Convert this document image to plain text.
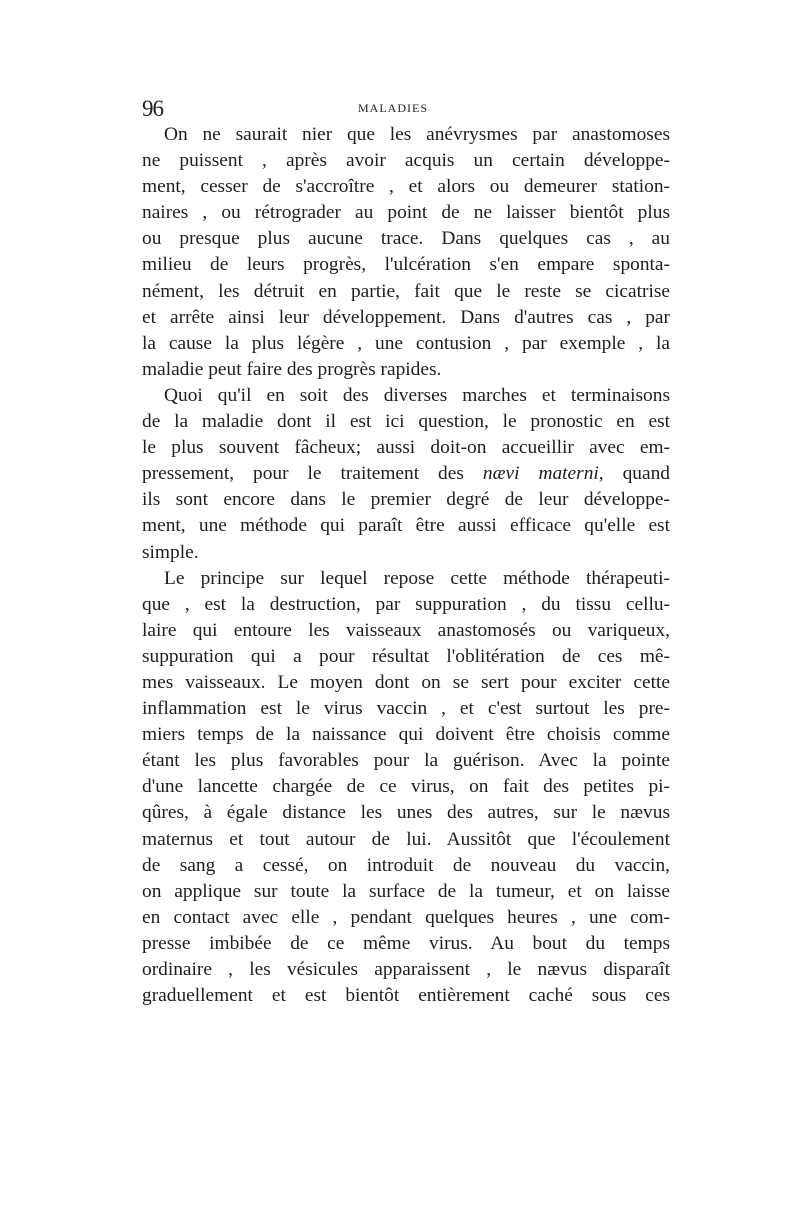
96	MALADIES
On ne saurait nier que les anévrysmes par anastomoses
ne puissent , après avoir acquis un certain développe-
ment, cesser de s'accroître , et alors ou demeurer station-
naires , ou rétrograder au point de ne laisser bientôt plus
ou presque plus aucune trace. Dans quelques cas , au
milieu de leurs progrès, l'ulcération s'en empare sponta-
nément, les détruit en partie, fait que le reste se cicatrise
et arrête ainsi leur développement. Dans d'autres cas , par
la cause la plus légère , une contusion , par exemple , la
maladie peut faire des progrès rapides.
Quoi qu'il en soit des diverses marches et terminaisons
de la maladie dont il est ici question, le pronostic en est
le plus souvent fâcheux; aussi doit-on accueillir avec em-
pressement, pour le traitement des nævi materni, quand
ils sont encore dans le premier degré de leur développe-
ment, une méthode qui paraît être aussi efficace qu'elle est
simple.
Le principe sur lequel repose cette méthode thérapeuti-
que , est la destruction, par suppuration , du tissu cellu-
laire qui entoure les vaisseaux anastomosés ou variqueux,
suppuration qui a pour résultat l'oblitération de ces mê-
mes vaisseaux. Le moyen dont on se sert pour exciter cette
inflammation est le virus vaccin , et c'est surtout les pre-
miers temps de la naissance qui doivent être choisis comme
étant les plus favorables pour la guérison. Avec la pointe
d'une lancette chargée de ce virus, on fait des petites pi-
qûres, à égale distance les unes des autres, sur le nævus
maternus et tout autour de lui. Aussitôt que l'écoulement
de sang a cessé, on introduit de nouveau du vaccin,
on applique sur toute la surface de la tumeur, et on laisse
en contact avec elle , pendant quelques heures , une com-
presse imbibée de ce même virus. Au bout du temps
ordinaire , les vésicules apparaissent , le nævus disparaît
graduellement et est bientôt entièrement caché sous ces
